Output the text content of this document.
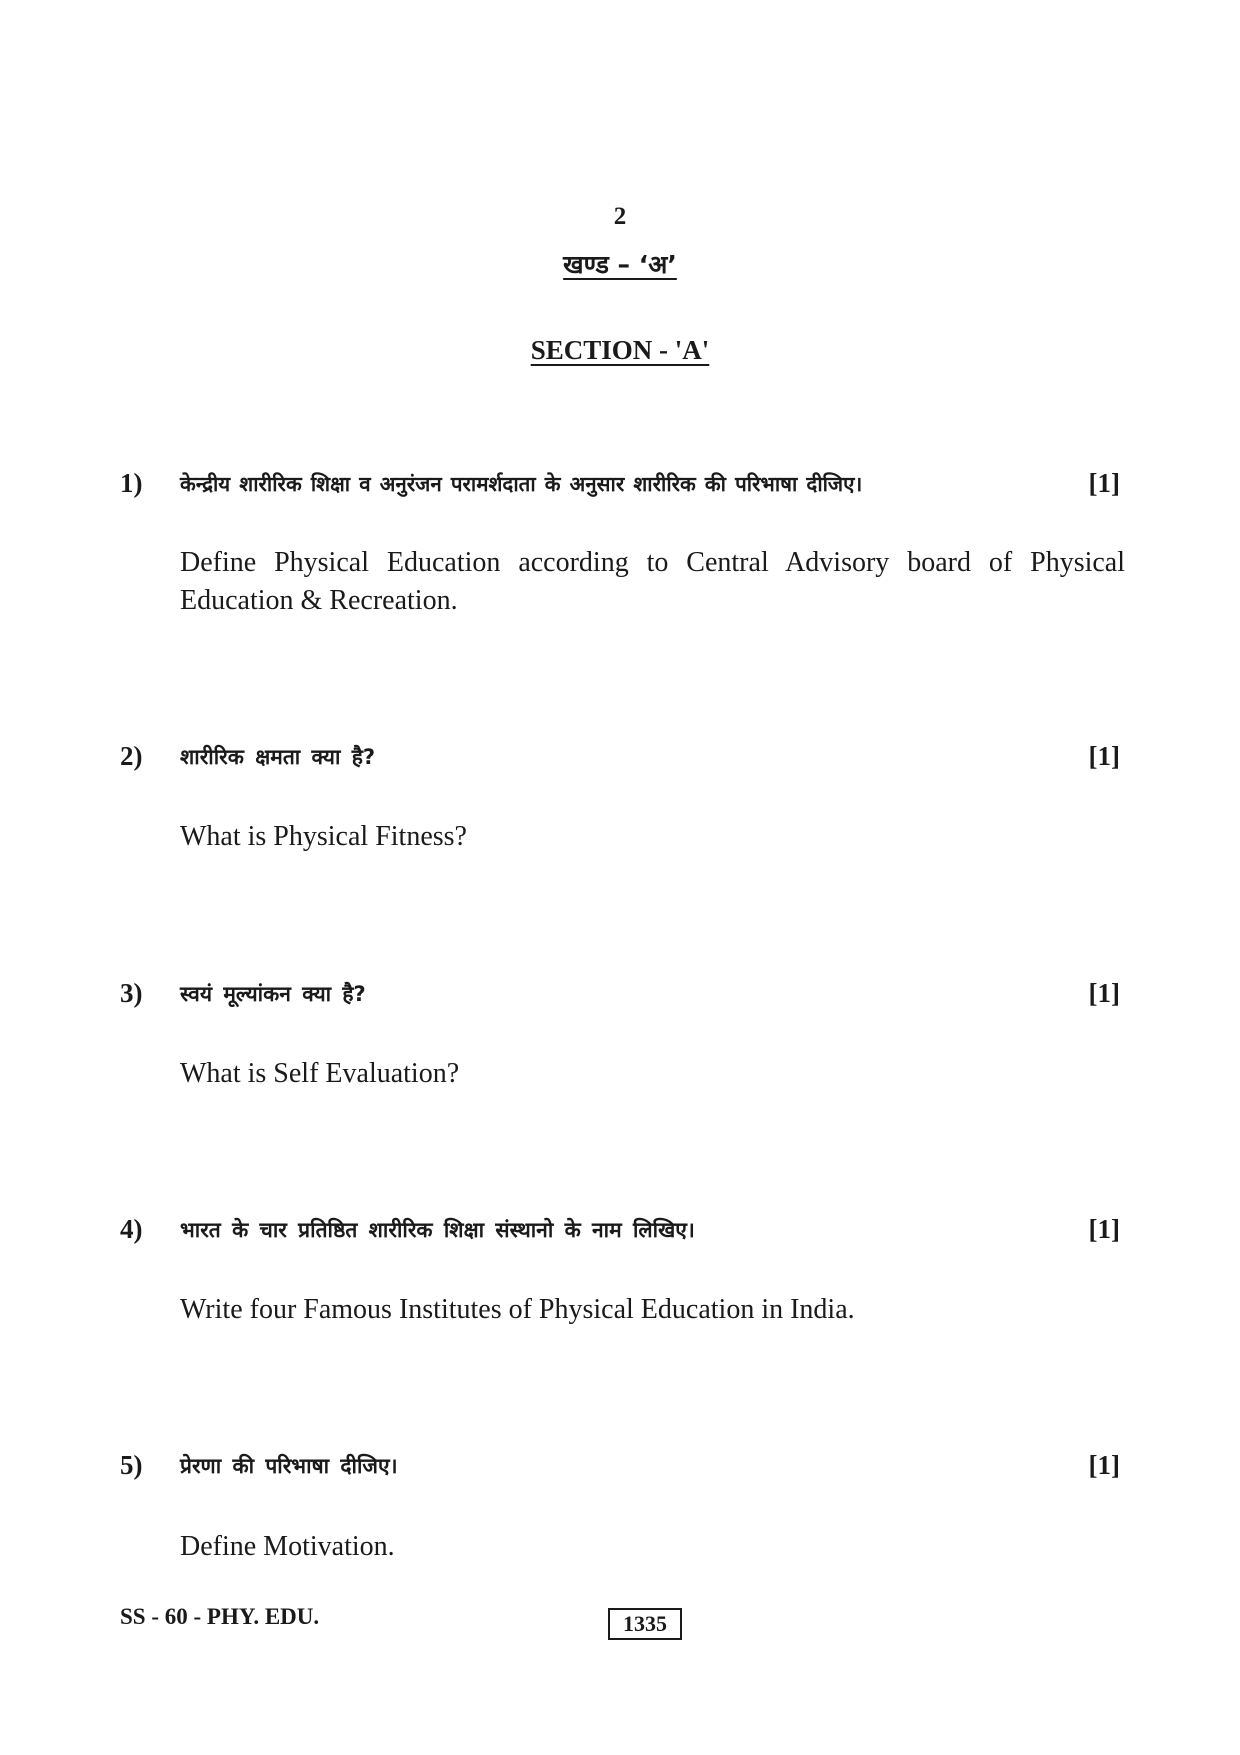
2
खण्ड – ‘अ’
SECTION - 'A'
1) केन्द्रीय शारीरिक शिक्षा व अनुरंजन परामर्शदाता के अनुसार शारीरिक की परिभाषा दीजिए।	[1]
Define Physical Education according to Central Advisory board of Physical Education & Recreation.
2) शारीरिक क्षमता क्या है?	[1]
What is Physical Fitness?
3) स्वयं मूल्यांकन क्या है?	[1]
What is Self Evaluation?
4) भारत के चार प्रतिष्ठित शारीरिक शिक्षा संस्थानो के नाम लिखिए।	[1]
Write four Famous Institutes of Physical Education in India.
5) प्रेरणा की परिभाषा दीजिए।	[1]
Define Motivation.
SS - 60 - PHY. EDU.	1335
